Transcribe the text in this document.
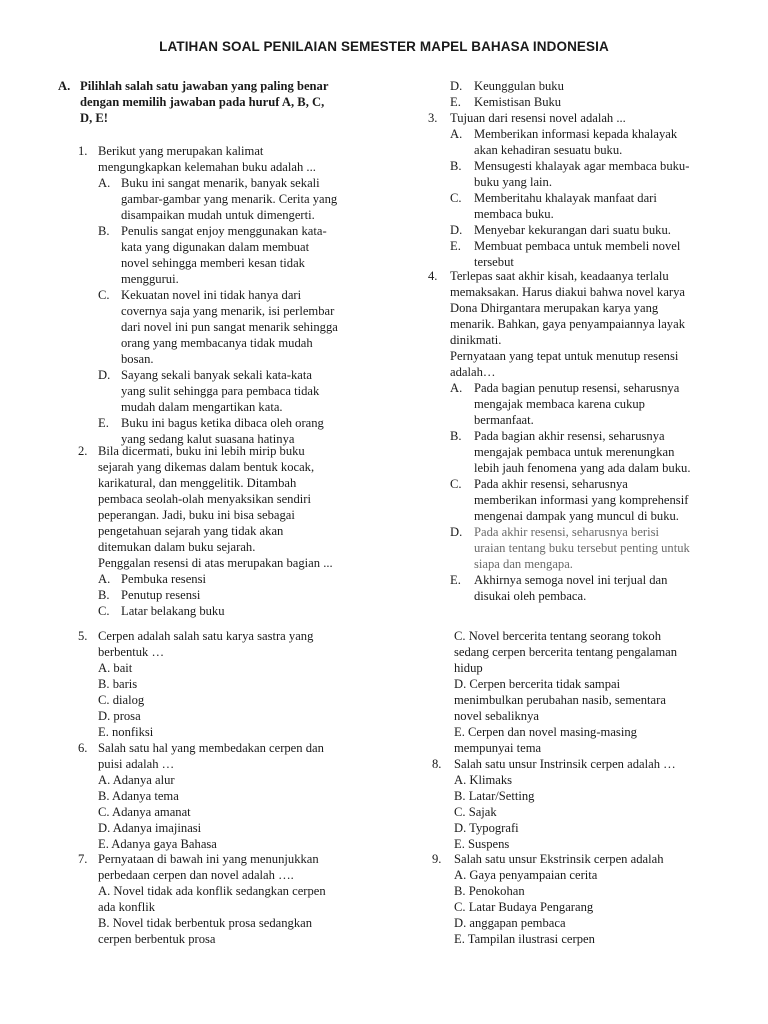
LATIHAN SOAL PENILAIAN SEMESTER MAPEL BAHASA INDONESIA
A. Pilihlah salah satu jawaban yang paling benar
dengan memilih jawaban pada huruf A, B, C,
D, E!
1. Berikut yang merupakan kalimat
mengungkapkan kelemahan buku adalah ...
A. Buku ini sangat menarik, banyak sekali
gambar-gambar yang menarik. Cerita yang
disampaikan mudah untuk dimengerti.
B. Penulis sangat enjoy menggunakan kata-
kata yang digunakan dalam membuat
novel sehingga memberi kesan tidak
menggurui.
C. Kekuatan novel ini tidak hanya dari
covernya saja yang menarik, isi perlembar
dari novel ini pun sangat menarik sehingga
orang yang membacanya tidak mudah
bosan.
D. Sayang sekali banyak sekali kata-kata
yang sulit sehingga para pembaca tidak
mudah dalam mengartikan kata.
E. Buku ini bagus ketika dibaca oleh orang
yang sedang kalut suasana hatinya
2. Bila dicermati, buku ini lebih mirip buku
sejarah yang dikemas dalam bentuk kocak,
karikatural, dan menggelitik. Ditambah
pembaca seolah-olah menyaksikan sendiri
peperangan. Jadi, buku ini bisa sebagai
pengetahuan sejarah yang tidak akan
ditemukan dalam buku sejarah.
Penggalan resensi di atas merupakan bagian ...
A. Pembuka resensi
B. Penutup resensi
C. Latar belakang buku
D. Keunggulan buku
E. Kemistisan Buku
3. Tujuan dari resensi novel adalah ...
A. Memberikan informasi kepada khalayak
akan kehadiran sesuatu buku.
B. Mensugesti khalayak agar membaca buku-
buku yang lain.
C. Memberitahu khalayak manfaat dari
membaca buku.
D. Menyebar kekurangan dari suatu buku.
E. Membuat pembaca untuk membeli novel
tersebut
4. Terlepas saat akhir kisah, keadaanya terlalu
memaksakan. Harus diakui bahwa novel karya
Dona Dhirgantara merupakan karya yang
menarik. Bahkan, gaya penyampaiannya layak
dinikmati.
Pernyataan yang tepat untuk menutup resensi
adalah…
A. Pada bagian penutup resensi, seharusnya
mengajak membaca karena cukup
bermanfaat.
B. Pada bagian akhir resensi, seharusnya
mengajak pembaca untuk merenungkan
lebih jauh fenomena yang ada dalam buku.
C. Pada akhir resensi, seharusnya
memberikan informasi yang komprehensif
mengenai dampak yang muncul di buku.
D. Pada akhir resensi, seharusnya berisi
uraian tentang buku tersebut penting untuk
siapa dan mengapa.
E. Akhirnya semoga novel ini terjual dan
disukai oleh pembaca.
5. Cerpen adalah salah satu karya sastra yang
berbentuk …
A. bait
B. baris
C. dialog
D. prosa
E. nonfiksi
6. Salah satu hal yang membedakan cerpen dan
puisi adalah …
A. Adanya alur
B. Adanya tema
C. Adanya amanat
D. Adanya imajinasi
E. Adanya gaya Bahasa
7. Pernyataan di bawah ini yang menunjukkan
perbedaan cerpen dan novel adalah ….
A. Novel tidak ada konflik sedangkan cerpen
ada konflik
B. Novel tidak berbentuk prosa sedangkan
cerpen berbentuk prosa
C. Novel bercerita tentang seorang tokoh
sedang cerpen bercerita tentang pengalaman
hidup
D. Cerpen bercerita tidak sampai
menimbulkan perubahan nasib, sementara
novel sebaliknya
E. Cerpen dan novel masing-masing
mempunyai tema
8. Salah satu unsur Instrinsik cerpen adalah …
A. Klimaks
B. Latar/Setting
C. Sajak
D. Typografi
E. Suspens
9. Salah satu unsur Ekstrinsik cerpen adalah
A. Gaya penyampaian cerita
B. Penokohan
C. Latar Budaya Pengarang
D. anggapan pembaca
E. Tampilan ilustrasi cerpen
